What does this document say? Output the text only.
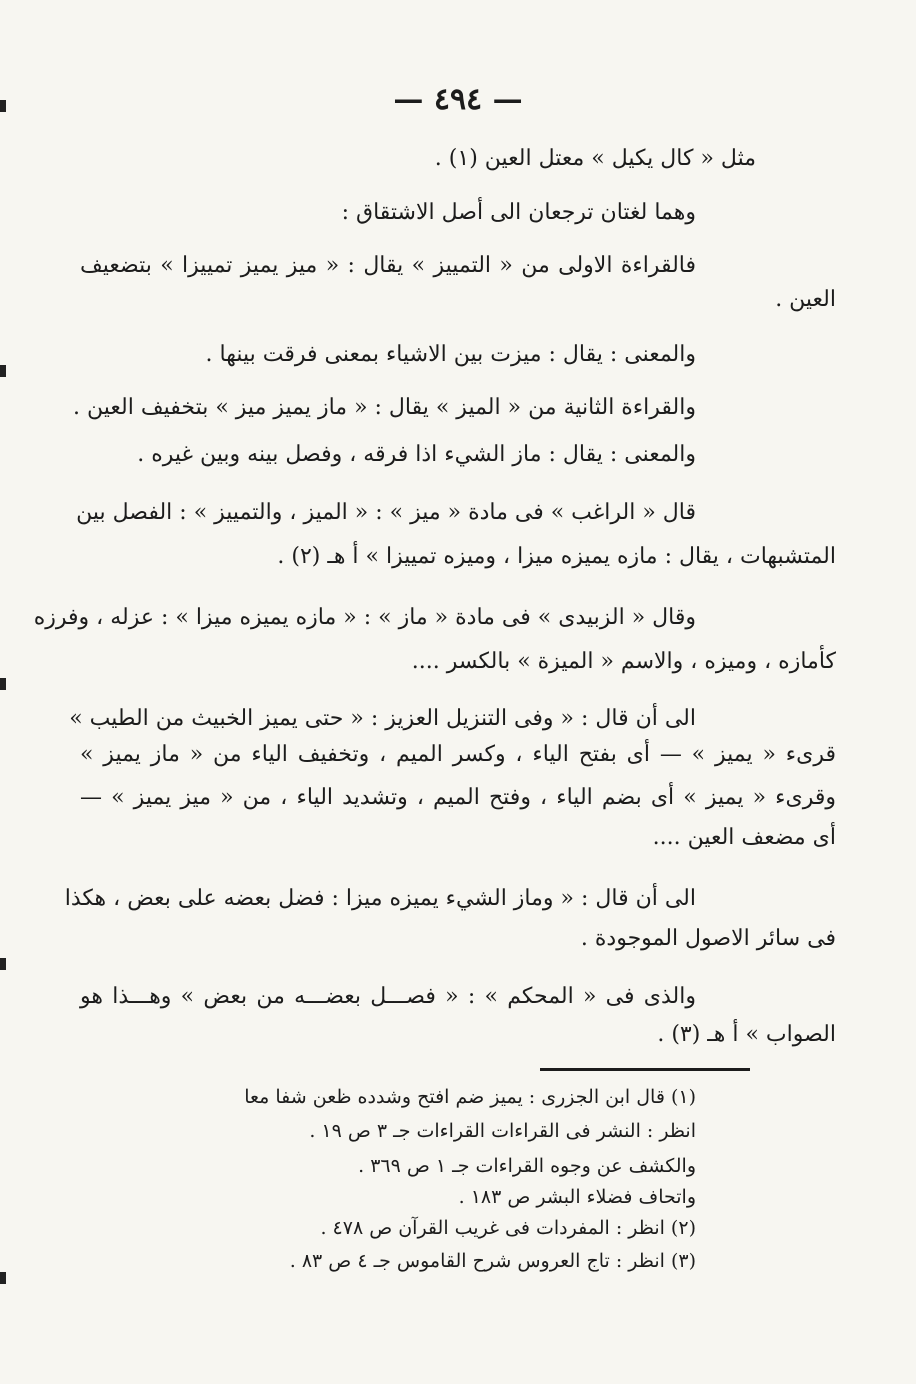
— ٤٩٤ —
مثل « كال يكيل » معتل العين (١) .
وهما لغتان ترجعان الى أصل الاشتقاق :
فالقراءة الاولى من « التمييز » يقال : « ميز يميز تمييزا » بتضعيف
العين .
والمعنى : يقال : ميزت بين الاشياء بمعنى فرقت بينها .
والقراءة الثانية من « الميز » يقال : « ماز يميز ميز » بتخفيف العين .
والمعنى : يقال : ماز الشيء اذا فرقه ، وفصل بينه وبين غيره .
قال « الراغب » فى مادة « ميز » : « الميز ، والتمييز » : الفصل بين
المتشبهات ، يقال : مازه يميزه ميزا ، وميزه تمييزا » أ هـ (٢) .
وقال « الزبيدى » فى مادة « ماز » : « مازه يميزه ميزا » : عزله ، وفرزه
كأمازه ، وميزه ، والاسم « الميزة » بالكسر ....
الى أن قال : « وفى التنزيل العزيز : « حتى يميز الخبيث من الطيب »
قرىء « يميز » — أى بفتح الياء ، وكسر الميم ، وتخفيف الياء من « ماز يميز »
وقرىء « يميز » أى بضم الياء ، وفتح الميم ، وتشديد الياء ، من « ميز يميز » —
أى مضعف العين ....
الى أن قال : « وماز الشيء يميزه ميزا : فضل بعضه على بعض ، هكذا
فى سائر الاصول الموجودة .
والذى فى « المحكم » : « فصـــل بعضـــه من بعض » وهـــذا هو
الصواب » أ هـ (٣) .
(١) قال ابن الجزرى : يميز ضم افتح وشدده ظعن شفا معا
انظر : النشر فى القراءات القراءات جـ ٣ ص ١٩ .
والكشف عن وجوه القراءات جـ ١ ص ٣٦٩ .
واتحاف فضلاء البشر ص ١٨٣ .
(٢) انظر : المفردات فى غريب القرآن ص ٤٧٨ .
(٣) انظر : تاج العروس شرح القاموس جـ ٤ ص ٨٣ .
